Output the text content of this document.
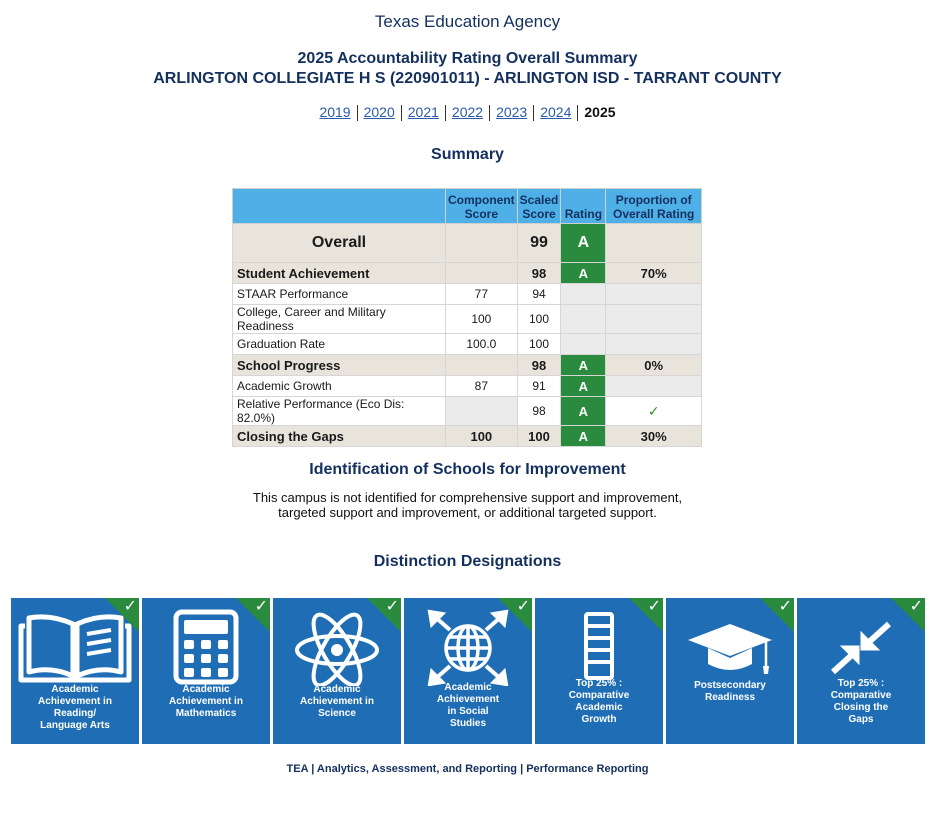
Texas Education Agency
2025 Accountability Rating Overall Summary
ARLINGTON COLLEGIATE H S (220901011) - ARLINGTON ISD - TARRANT COUNTY
2019 2020 2021 2022 2023 2024 2025
Summary
	Component Score	Scaled Score	Rating	Proportion of Overall Rating
Overall		99	A	
Student Achievement		98	A	70%
STAAR Performance	77	94		
College, Career and Military Readiness	100	100		
Graduation Rate	100.0	100		
School Progress		98	A	0%
Academic Growth	87	91	A	
Relative Performance (Eco Dis: 82.0%)		98	A	✓
Closing the Gaps	100	100	A	30%
Identification of Schools for Improvement
This campus is not identified for comprehensive support and improvement,
targeted support and improvement, or additional targeted support.
Distinction Designations
✓
Academic
Achievement in
Reading/
Language Arts
✓
Academic
Achievement in
Mathematics
✓
Academic
Achievement in
Science
✓
Academic
Achievement
in Social
Studies
✓
Top 25% :
Comparative
Academic
Growth
✓
Postsecondary
Readiness
✓
Top 25% :
Comparative
Closing the
Gaps
TEA | Analytics, Assessment, and Reporting | Performance Reporting
